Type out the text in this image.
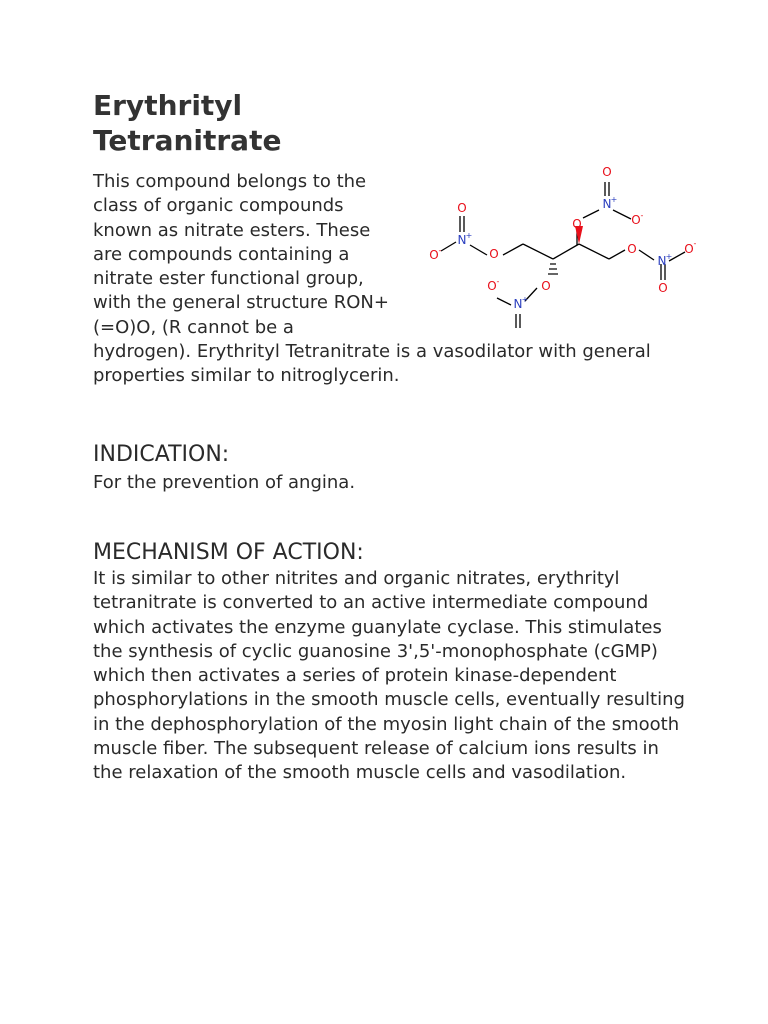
Erythrityl Tetranitrate
O
N
O
O
O
N
O
O
O
N
O	O
O
O
N
+
-
+
-
+
-
+
-

This compound belongs to the class of organic compounds known as nitrate esters. These are compounds containing a nitrate ester functional group, with the general structure RON+(=O)O, (R cannot be a hydrogen). Erythrityl Tetranitrate is a vasodilator with general properties similar to nitroglycerin.

INDICATION:

For the prevention of angina.

MECHANISM OF ACTION:

It is similar to other nitrites and organic nitrates, erythrityl tetranitrate is converted to an active intermediate compound which activates the enzyme guanylate cyclase. This stimulates the synthesis of cyclic guanosine 3',5'-monophosphate (cGMP) which then activates a series of protein kinase-dependent phosphorylations in the smooth muscle cells, eventually resulting in the dephosphorylation of the myosin light chain of the smooth muscle fiber. The subsequent release of calcium ions results in the relaxation of the smooth muscle cells and vasodilation.
